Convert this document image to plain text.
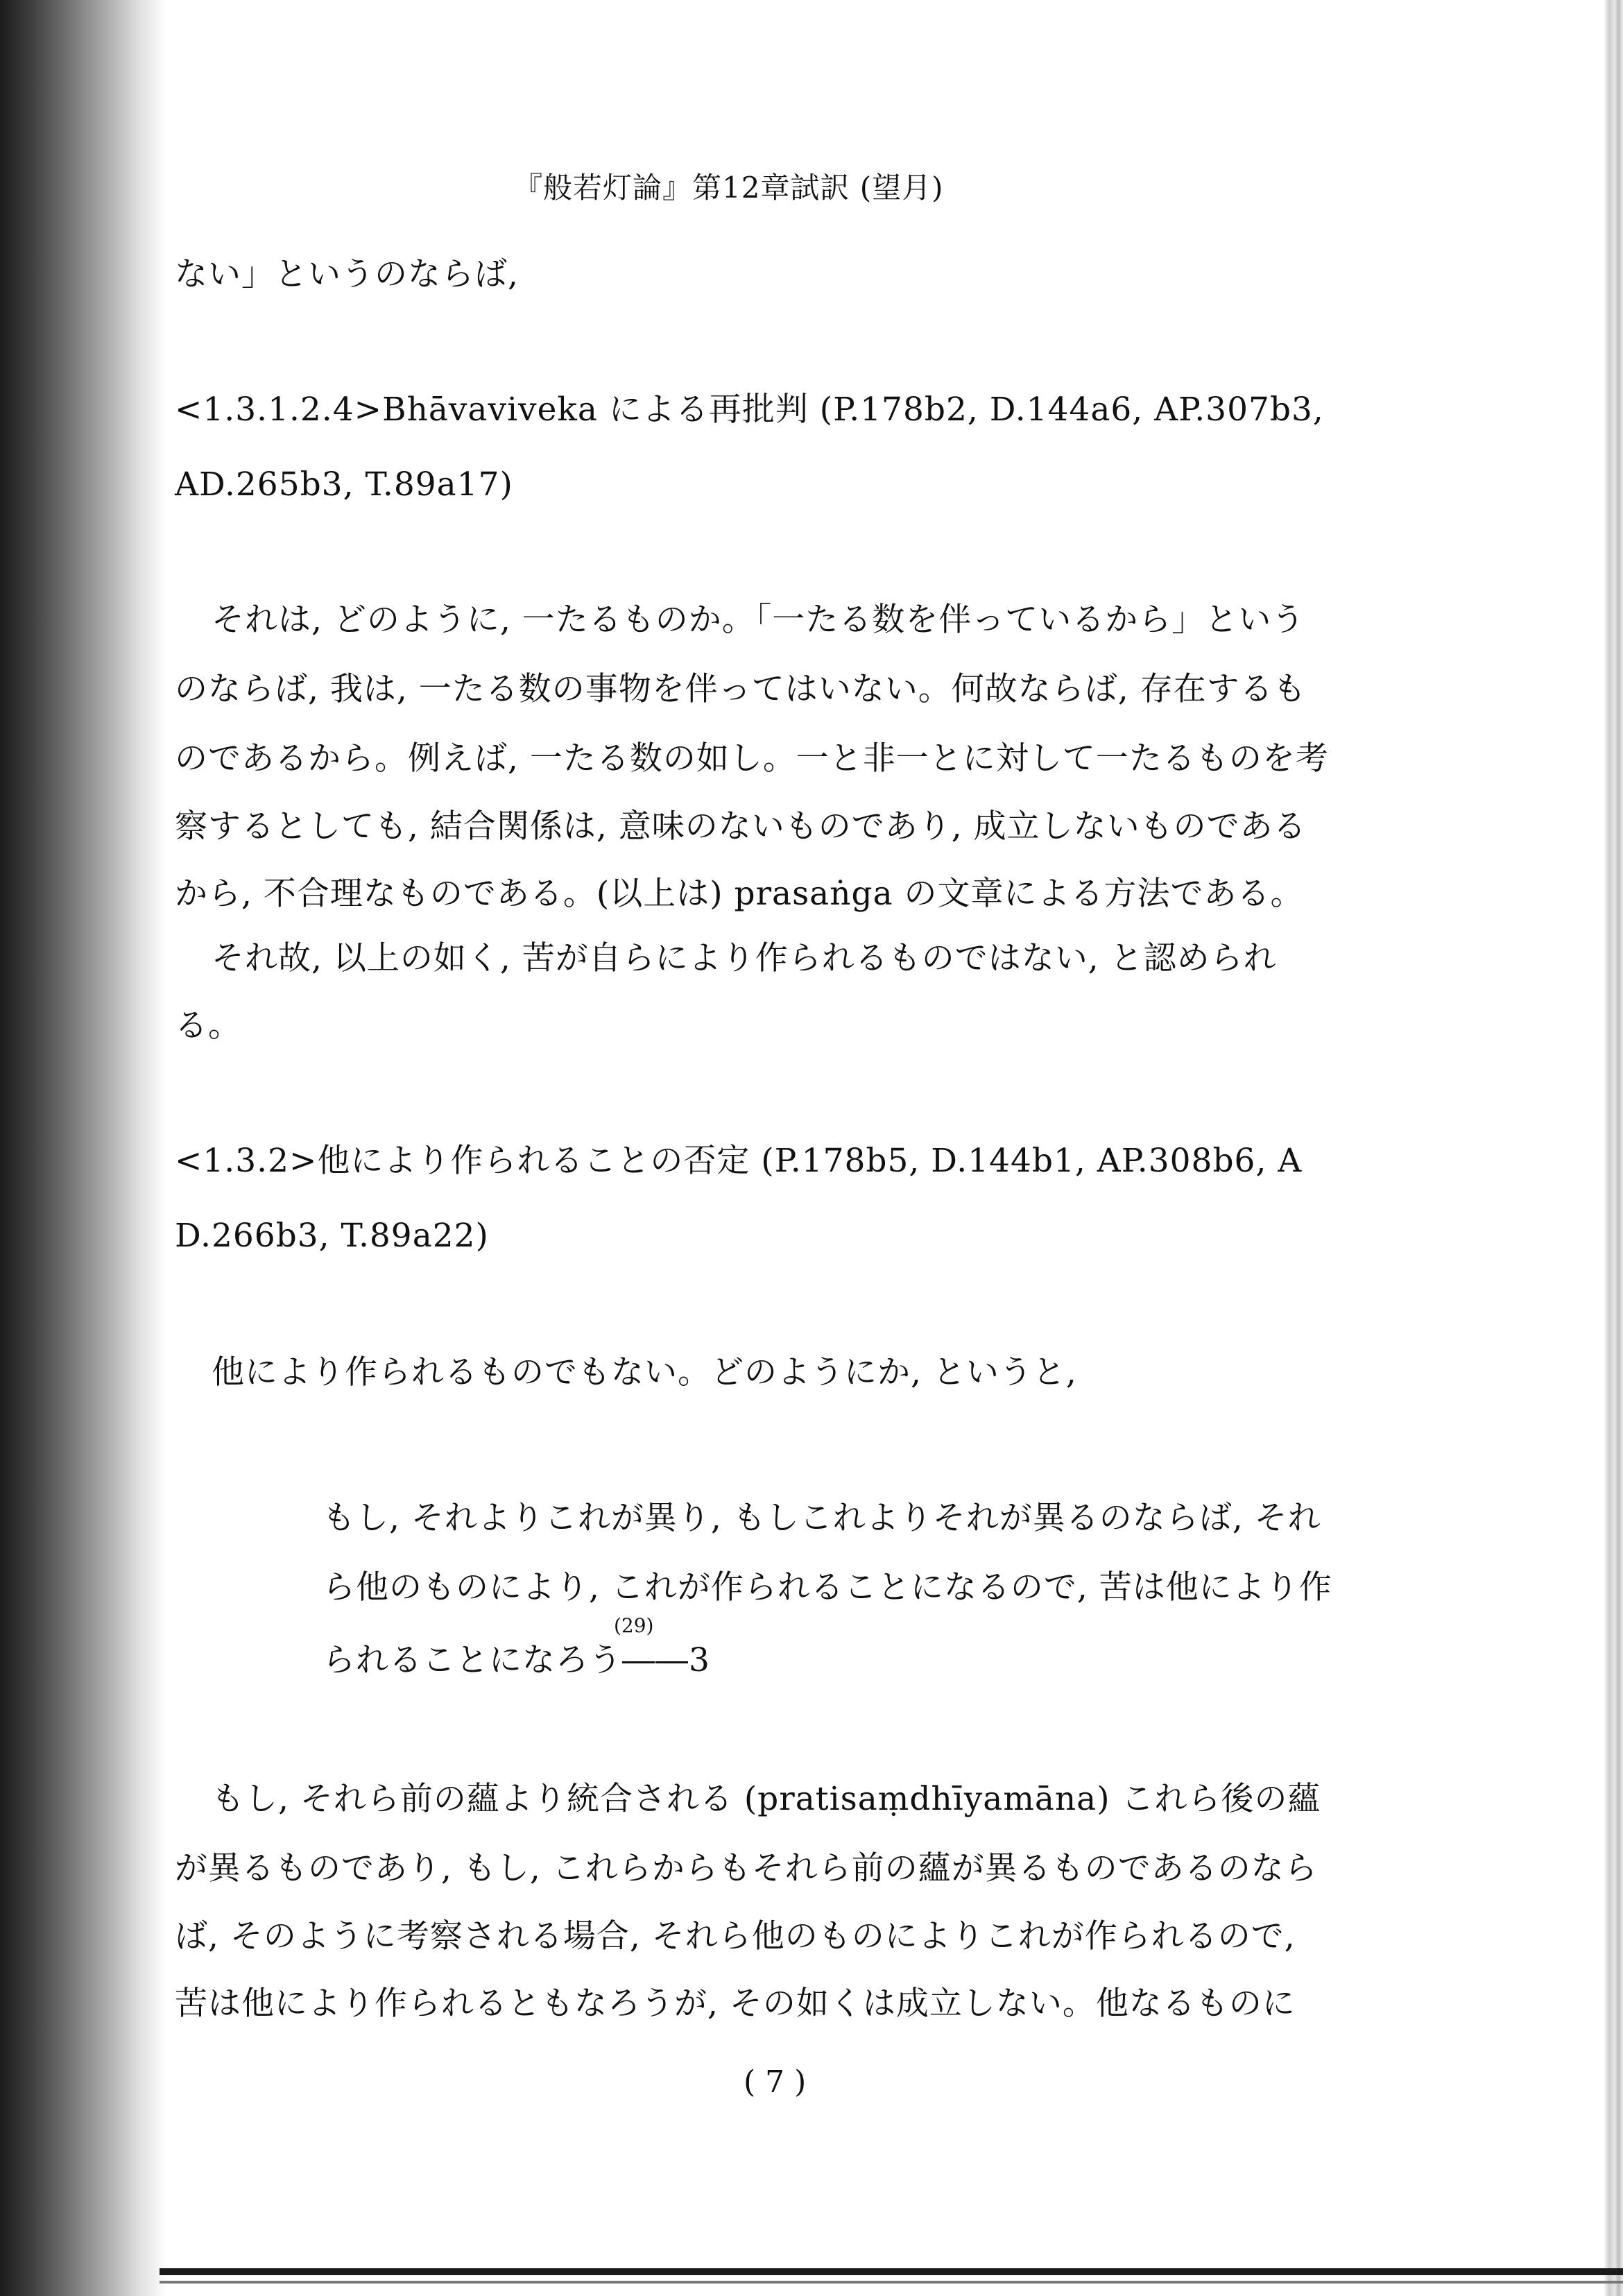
『般若灯論』第12章試訳 (望月)
ない」というのならば,
<1.3.1.2.4>Bhāvaviveka による再批判 (P.178b2, D.144a6, AP.307b3,
AD.265b3, T.89a17)
それは, どのように, 一たるものか。「一たる数を伴っているから」という
のならば, 我は, 一たる数の事物を伴ってはいない。何故ならば, 存在するも
のであるから。例えば, 一たる数の如し。一と非一とに対して一たるものを考
察するとしても, 結合関係は, 意味のないものであり, 成立しないものである
から, 不合理なものである。(以上は) prasaṅga の文章による方法である。
それ故, 以上の如く, 苦が自らにより作られるものではない, と認められ
る。
<1.3.2>他により作られることの否定 (P.178b5, D.144b1, AP.308b6, A
D.266b3, T.89a22)
他により作られるものでもない。どのようにか, というと,
もし, それよりこれが異り, もしこれよりそれが異るのならば, それ
ら他のものにより, これが作られることになるので, 苦は他により作
(29)
られることになろう――3
もし, それら前の蘊より統合される (pratisaṃdhīyamāna) これら後の蘊
が異るものであり, もし, これらからもそれら前の蘊が異るものであるのなら
ば, そのように考察される場合, それら他のものによりこれが作られるので,
苦は他により作られるともなろうが, その如くは成立しない。他なるものに
( 7 )
